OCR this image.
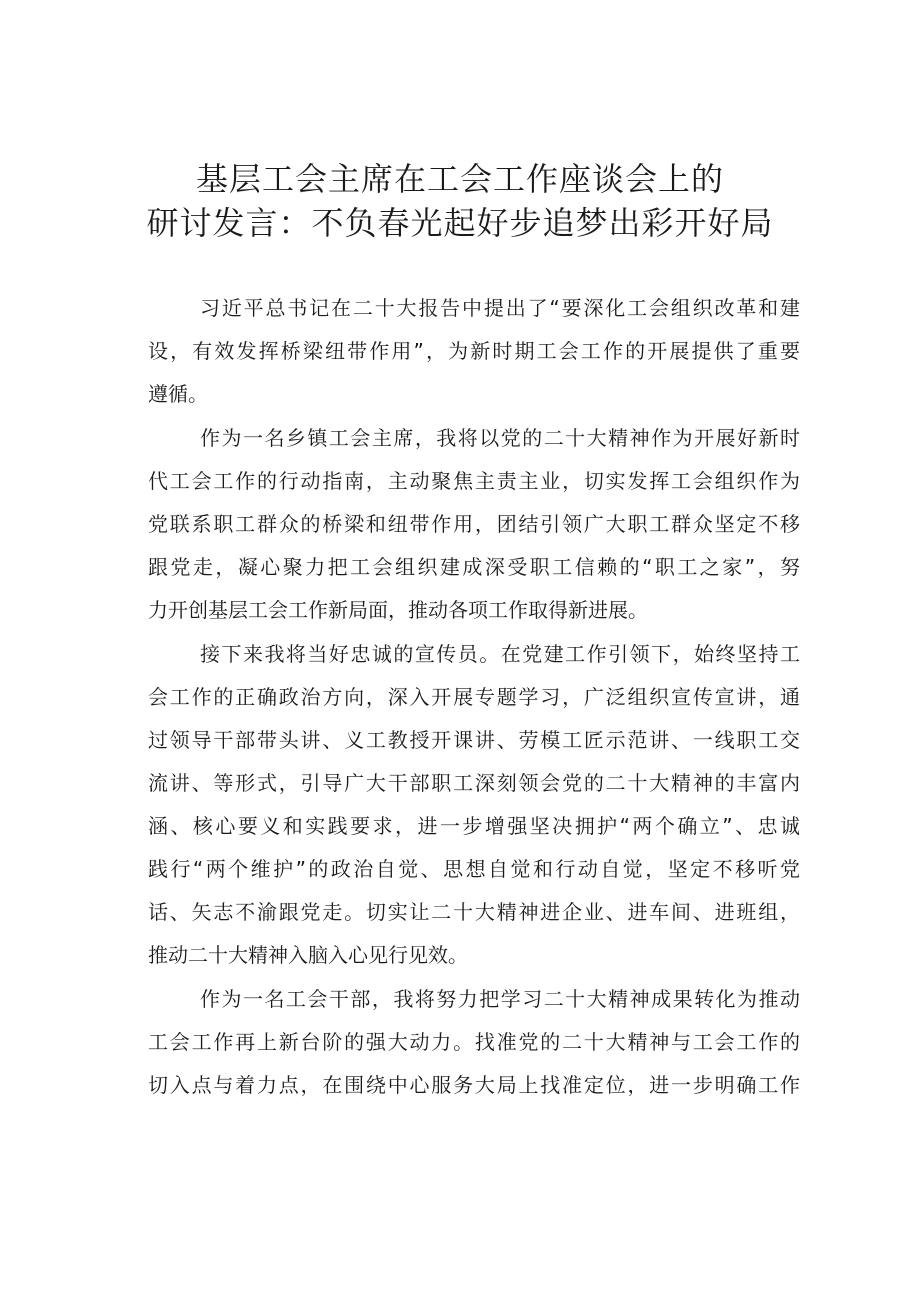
基层工会主席在工会工作座谈会上的
研讨发言：不负春光起好步追梦出彩开好局
习近平总书记在二十大报告中提出了“要深化工会组织改革和建
设，有效发挥桥梁纽带作用”，为新时期工会工作的开展提供了重要
遵循。
作为一名乡镇工会主席，我将以党的二十大精神作为开展好新时
代工会工作的行动指南，主动聚焦主责主业，切实发挥工会组织作为
党联系职工群众的桥梁和纽带作用，团结引领广大职工群众坚定不移
跟党走，凝心聚力把工会组织建成深受职工信赖的“职工之家”，努
力开创基层工会工作新局面，推动各项工作取得新进展。
接下来我将当好忠诚的宣传员。在党建工作引领下，始终坚持工
会工作的正确政治方向，深入开展专题学习，广泛组织宣传宣讲，通
过领导干部带头讲、义工教授开课讲、劳模工匠示范讲、一线职工交
流讲、等形式，引导广大干部职工深刻领会党的二十大精神的丰富内
涵、核心要义和实践要求，进一步增强坚决拥护“两个确立”、忠诚
践行“两个维护”的政治自觉、思想自觉和行动自觉，坚定不移听党
话、矢志不渝跟党走。切实让二十大精神进企业、进车间、进班组，
推动二十大精神入脑入心见行见效。
作为一名工会干部，我将努力把学习二十大精神成果转化为推动
工会工作再上新台阶的强大动力。找准党的二十大精神与工会工作的
切入点与着力点，在围绕中心服务大局上找准定位，进一步明确工作
